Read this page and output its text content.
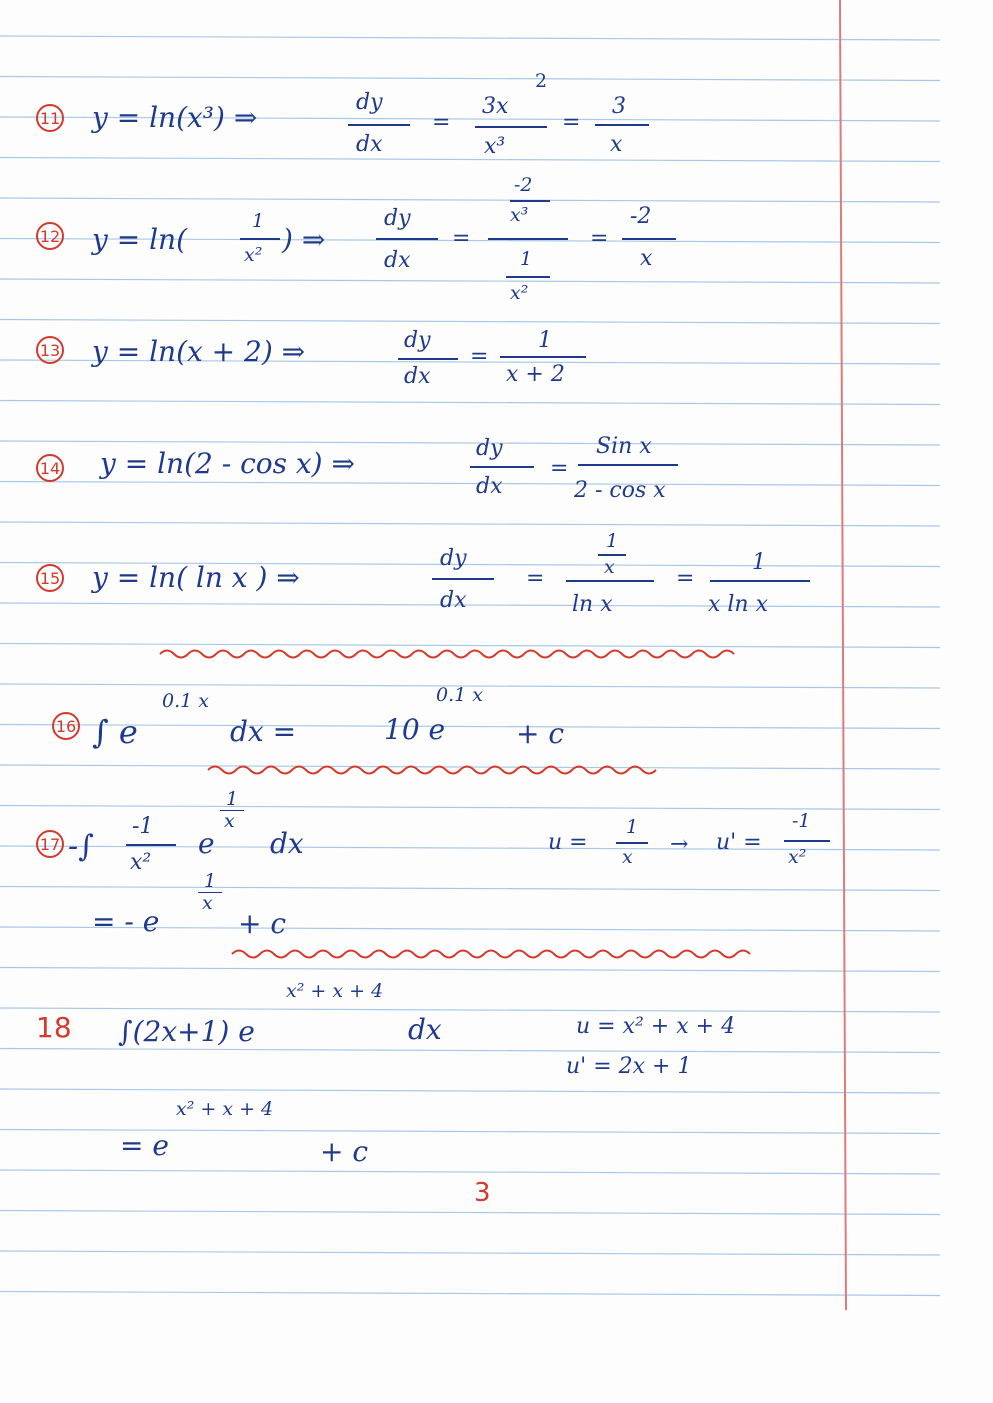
11 y = ln(x³) ⇒	dy
dx
=
3x
2
x³
=
3
x
12 y = ln(
1
x² ) ⇒
dy
dx
=
-2
x³
1
x²
=
-2
x
13 y = ln(x + 2) ⇒	dy
dx
=
1
x + 2
14 y = ln(2 - cos x) ⇒	dy
dx
=
Sin x
2 - cos x
15 y = ln( ln x ) ⇒
dy
dx
=
1
x
ln x
=
1
x ln x
16 ∫ e
0.1 x
dx =	10 e
0.1 x
+ c
17 -∫
-1
x²
e
1
x
dx	u =
1
x → u' =
-1
x²
= - e
1
x
+ c
18 ∫(2x+1) e
x² + x + 4
dx	u = x² + x + 4
u' = 2x + 1
= e
x² + x + 4
+ c
3
